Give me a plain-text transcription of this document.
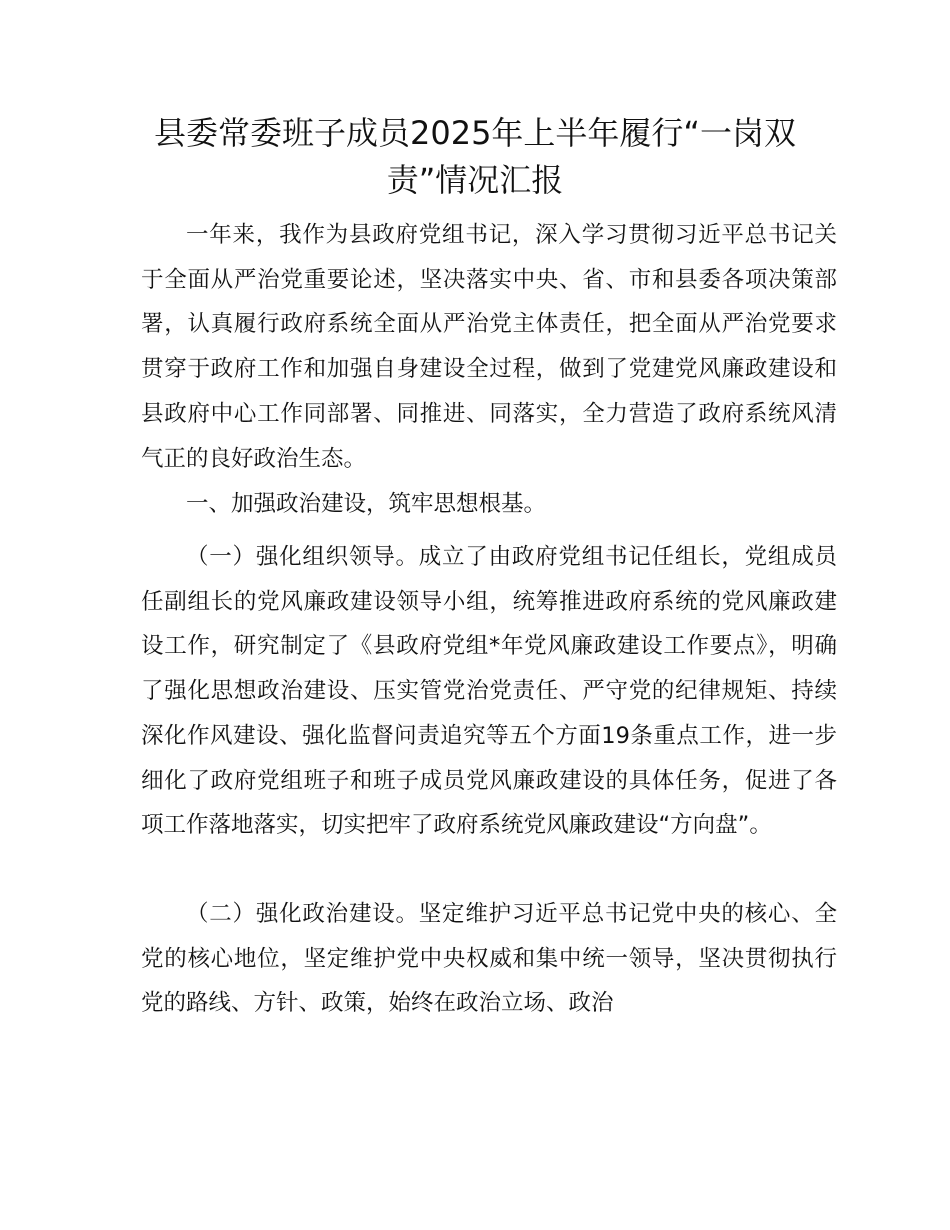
县委常委班子成员2025年上半年履行“一岗双责”情况汇报

一年来，我作为县政府党组书记，深入学习贯彻习近平总书记关于全面从严治党重要论述，坚决落实中央、省、市和县委各项决策部署，认真履行政府系统全面从严治党主体责任，把全面从严治党要求贯穿于政府工作和加强自身建设全过程，做到了党建党风廉政建设和县政府中心工作同部署、同推进、同落实，全力营造了政府系统风清气正的良好政治生态。

一、加强政治建设，筑牢思想根基。

（一）强化组织领导。成立了由政府党组书记任组长，党组成员任副组长的党风廉政建设领导小组，统筹推进政府系统的党风廉政建设工作，研究制定了《县政府党组*年党风廉政建设工作要点》，明确了强化思想政治建设、压实管党治党责任、严守党的纪律规矩、持续深化作风建设、强化监督问责追究等五个方面19条重点工作，进一步细化了政府党组班子和班子成员党风廉政建设的具体任务，促进了各项工作落地落实，切实把牢了政府系统党风廉政建设“方向盘”。

（二）强化政治建设。坚定维护习近平总书记党中央的核心、全党的核心地位，坚定维护党中央权威和集中统一领导，坚决贯彻执行党的路线、方针、政策，始终在政治立场、政治
